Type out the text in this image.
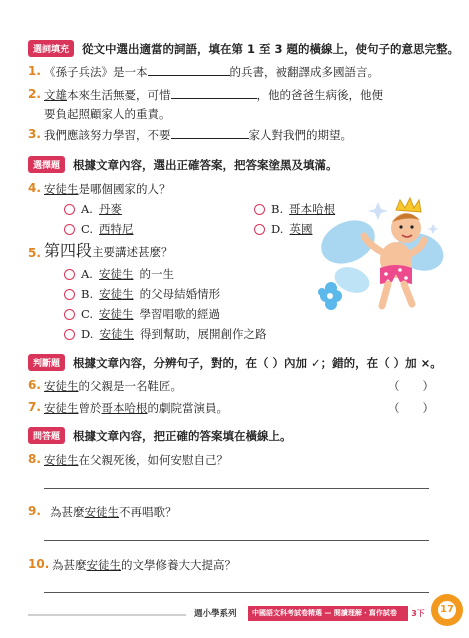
選詞填充	從文中選出適當的詞語，填在第 1 至 3 題的橫線上，使句子的意思完整。
1. 《孫子兵法》是一本	的兵書，被翻譯成多國語言。
2. 文雄本來生活無憂，可惜	，他的爸爸生病後，他便
要負起照顧家人的重責。
3. 我們應該努力學習，不要	家人對我們的期望。
選擇題	根據文章內容，選出正確答案，把答案塗黑及填滿。
4. 安徒生是哪個國家的人？
A. 丹麥	B. 哥本哈根
C. 西特尼	D. 英國
5. 第四段主要講述甚麼？
A. 安徒生 的一生
B. 安徒生 的父母結婚情形
C. 安徒生 學習唱歌的經過
D. 安徒生 得到幫助，展開創作之路
判斷題	根據文章內容，分辨句子，對的，在（ ）內加 ✓；錯的，在（ ）加 ×。
6. 安徒生的父親是一名鞋匠。	（　　）
7. 安徒生曾於哥本哈根的劇院當演員。	（　　）
問答題	根據文章內容，把正確的答案填在橫線上。
8. 安徒生在父親死後，如何安慰自己？
9. 為甚麼安徒生不再唱歌？
10. 為甚麼安徒生的文學修養大大提高？
週小學系列	中國語文科考試卷精選 — 閱讀理解・寫作試卷	3下	17
